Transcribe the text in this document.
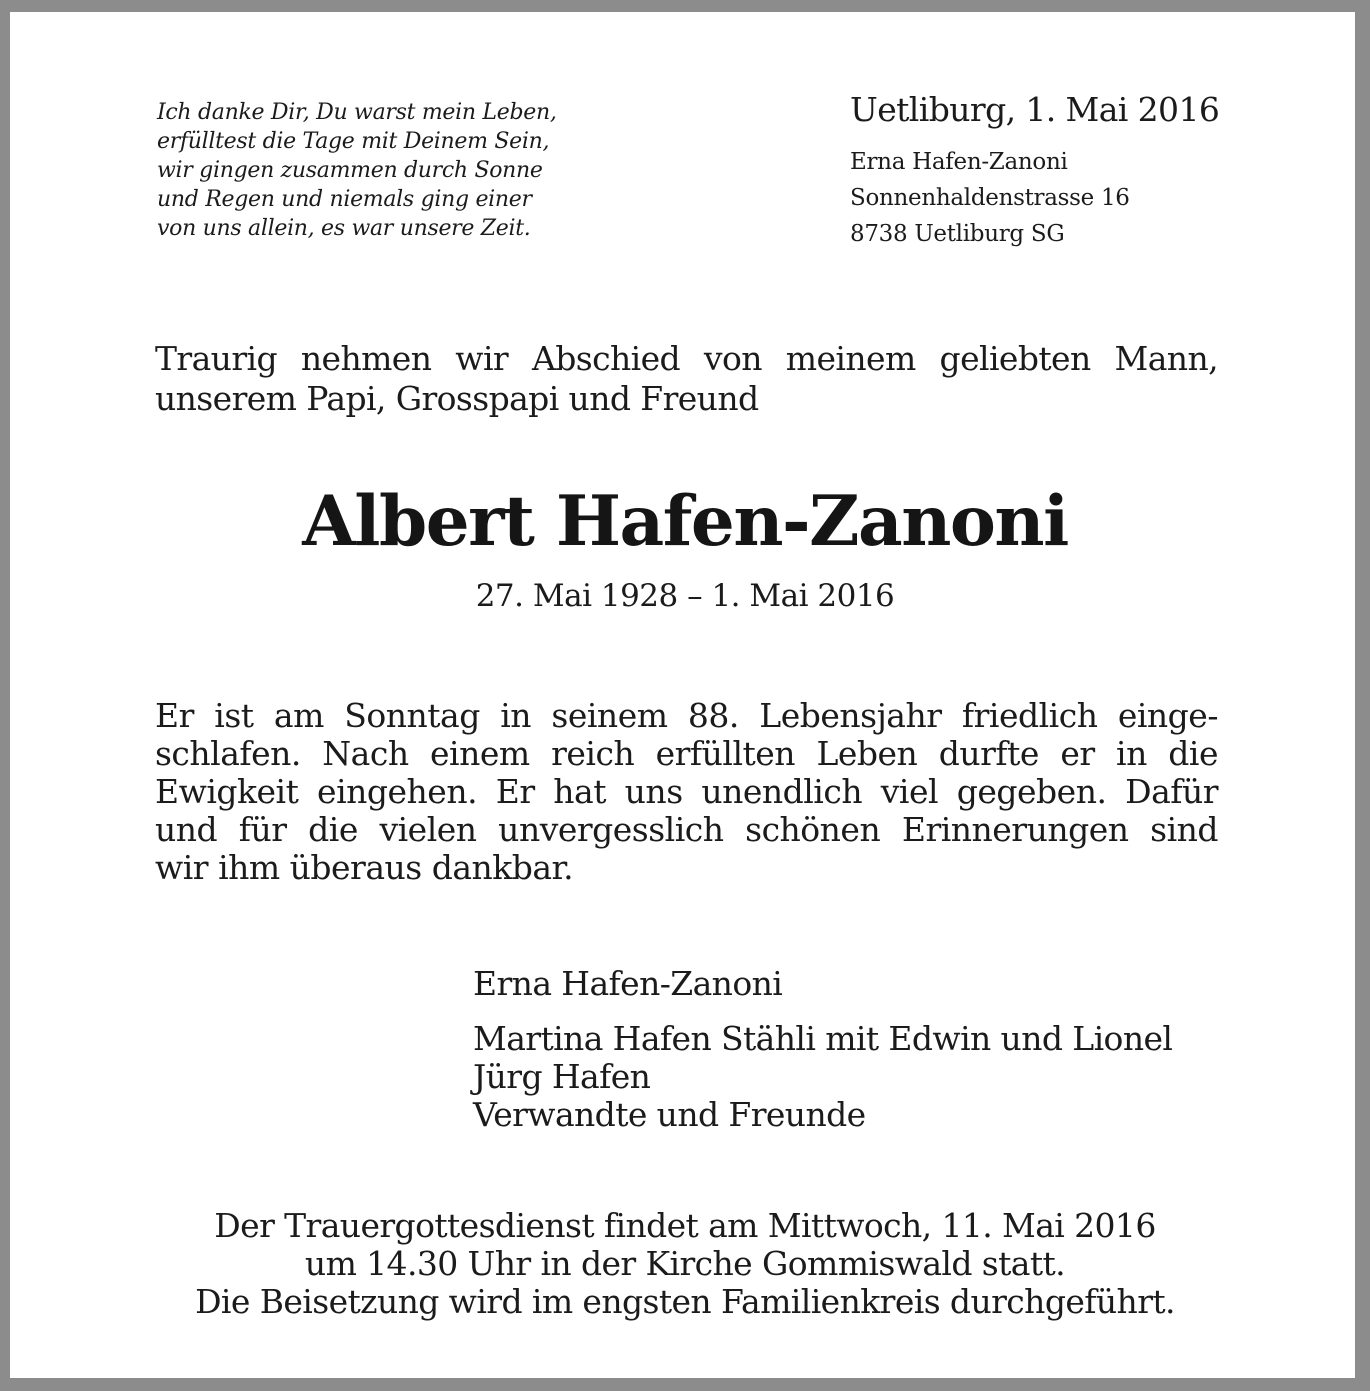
Ich danke Dir, Du warst mein Leben,
erfülltest die Tage mit Deinem Sein,
wir gingen zusammen durch Sonne
und Regen und niemals ging einer
von uns allein, es war unsere Zeit.
Uetliburg, 1. Mai 2016
Erna Hafen-Zanoni
Sonnenhaldenstrasse 16
8738 Uetliburg SG

Traurig nehmen wir Abschied von meinem geliebten Mann, unserem Papi, Grosspapi und Freund

Albert Hafen-Zanoni
27. Mai 1928 – 1. Mai 2016
Er ist am Sonntag in seinem 88. Lebensjahr friedlich einge-
schlafen. Nach einem reich erfüllten Leben durfte er in die
Ewigkeit eingehen. Er hat uns unendlich viel gegeben. Dafür
und für die vielen unvergesslich schönen Erinnerungen sind
wir ihm überaus dankbar.
Erna Hafen-Zanoni
Martina Hafen Stähli mit Edwin und Lionel
Jürg Hafen
Verwandte und Freunde
Der Trauergottesdienst findet am Mittwoch, 11. Mai 2016
um 14.30 Uhr in der Kirche Gommiswald statt.
Die Beisetzung wird im engsten Familienkreis durchgeführt.
